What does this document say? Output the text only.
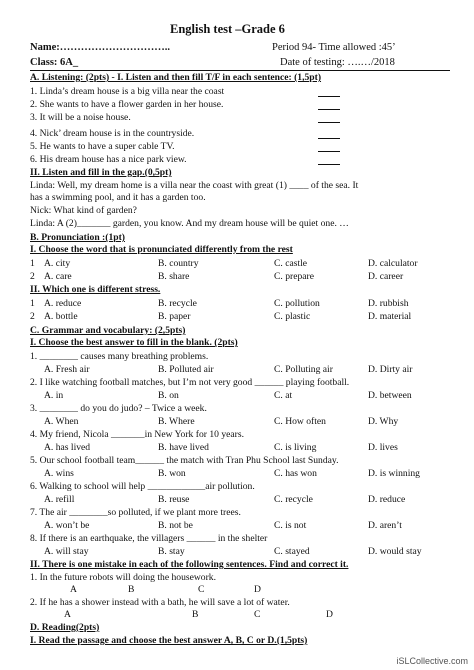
English test –Grade 6
Name:…………………………..	Period 94- Time allowed :45’
Class: 6A_	Date of testing: ….…/2018
A. Listening: (2pts) - I. Listen and then fill T/F in each sentence: (1,5pt)
1. Linda’s dream house is a big villa near the coast
2. She wants to have a flower garden in her house.
3. It will be a noise house.
4. Nick’ dream house is in the countryside.
5. He wants to have a super cable TV.
6. His dream house has a nice park view.
II. Listen and fill in the gap.(0,5pt)
Linda: Well, my dream home is a villa near the coast with great (1) ____ of the sea. It
has a swimming pool, and it has a garden too.
Nick: What kind of garden?
Linda: A (2)_______ garden, you know. And my dream house will be quiet one. …
B. Pronunciation :(1pt)
I. Choose the word that is pronunciated differently from the rest
1 A. city	B. country	C. castle	D. calculator
2 A. care	B. share	C. prepare	D. career
II. Which one is different stress.
1 A. reduce	B. recycle	C. pollution	D. rubbish
2 A. bottle	B. paper	C. plastic	D. material
C. Grammar and vocabulary: (2,5pts)
I. Choose the best answer to fill in the blank. (2pts)
1. ________ causes many breathing problems.
A. Fresh air	B. Polluted air	C. Polluting air	D. Dirty air
2. I like watching football matches, but I’m not very good ______ playing football.
A. in	B. on	C. at	D. between
3. ________ do you do judo? – Twice a week.
A. When	B. Where	C. How often	D. Why
4. My friend, Nicola _______in New York for 10 years.
A. has lived	B. have lived	C. is living	D. lives
5. Our school football team______ the match with Tran Phu School last Sunday.
A. wins	B. won	C. has won	D. is winning
6. Walking to school will help ____________air pollution.
A. refill	B. reuse	C. recycle	D. reduce
7. The air ________so polluted, if we plant more trees.
A. won’t be	B. not be	C. is not	D. aren’t
8. If there is an earthquake, the villagers ______ in the shelter
A. will stay	B. stay	C. stayed	D. would stay
II. There is one mistake in each of the following sentences. Find and correct it.
1. In the future robots will doing the housework.
A	B	C	D
2. If he has a shower instead with a bath, he will save a lot of water.
A	B	C	D
D. Reading(2pts)
I. Read the passage and choose the best answer A, B, C or D.(1,5pts)
iSLCollective.com
